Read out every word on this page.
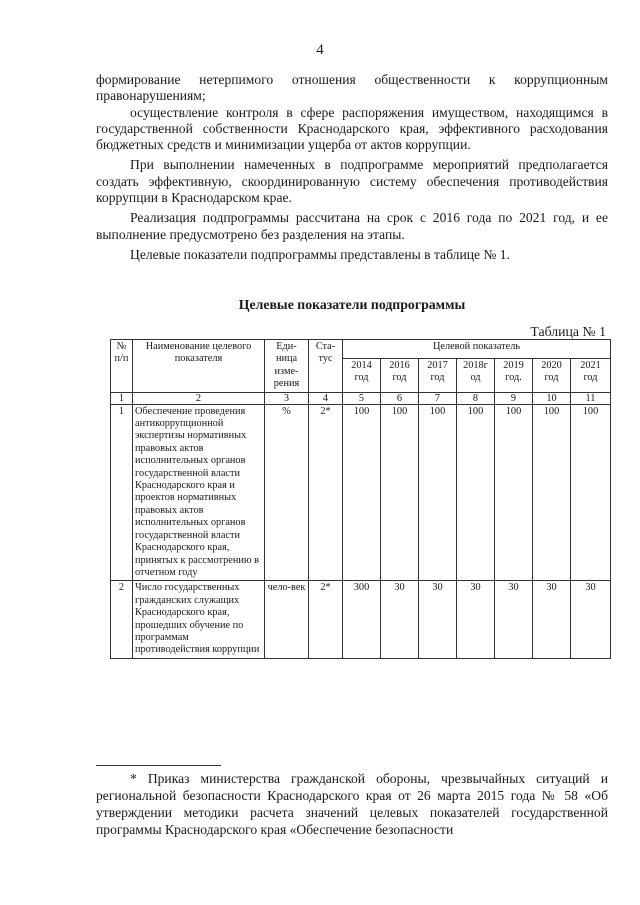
4

формирование нетерпимого отношения общественности к коррупционным правонарушениям;

осуществление контроля в сфере распоряжения имуществом, находящимся в государственной собственности Краснодарского края, эффективного расходования бюджетных средств и минимизации ущерба от актов коррупции.

При выполнении намеченных в подпрограмме мероприятий предполагается создать эффективную, скоординированную систему обеспечения противодействия коррупции в Краснодарском крае.

Реализация подпрограммы рассчитана на срок с 2016 года по 2021 год, и ее выполнение предусмотрено без разделения на этапы.

Целевые показатели подпрограммы представлены в таблице № 1.

Целевые показатели подпрограммы
Таблица № 1
№ п/п	Наименование целевого показателя	Еди-ница изме-рения	Ста-тус	Целевой показатель						
				2014 год	2016 год	2017 год	2018г од	2019 год.	2020 год	2021 год
1	2	3	4	5	6	7	8	9	10	11
1	Обеспечение проведения антикоррупционной экспертизы нормативных правовых актов исполнительных органов государственной власти Краснодарского края и проектов нормативных правовых актов исполнительных органов государственной власти Краснодарского края, принятых к рассмотрению в отчетном году	%	2*	100	100	100	100	100	100	100
2	Число государственных гражданских служащих Краснодарского края, прошедших обучение по программам противодействия коррупции	чело-век	2*	300	30	30	30	30	30	30

* Приказ министерства гражданской обороны, чрезвычайных ситуаций и региональной безопасности Краснодарского края от 26 марта 2015 года № 58 «Об утверждении методики расчета значений целевых показателей государственной программы Краснодарского края «Обеспечение безопасности
